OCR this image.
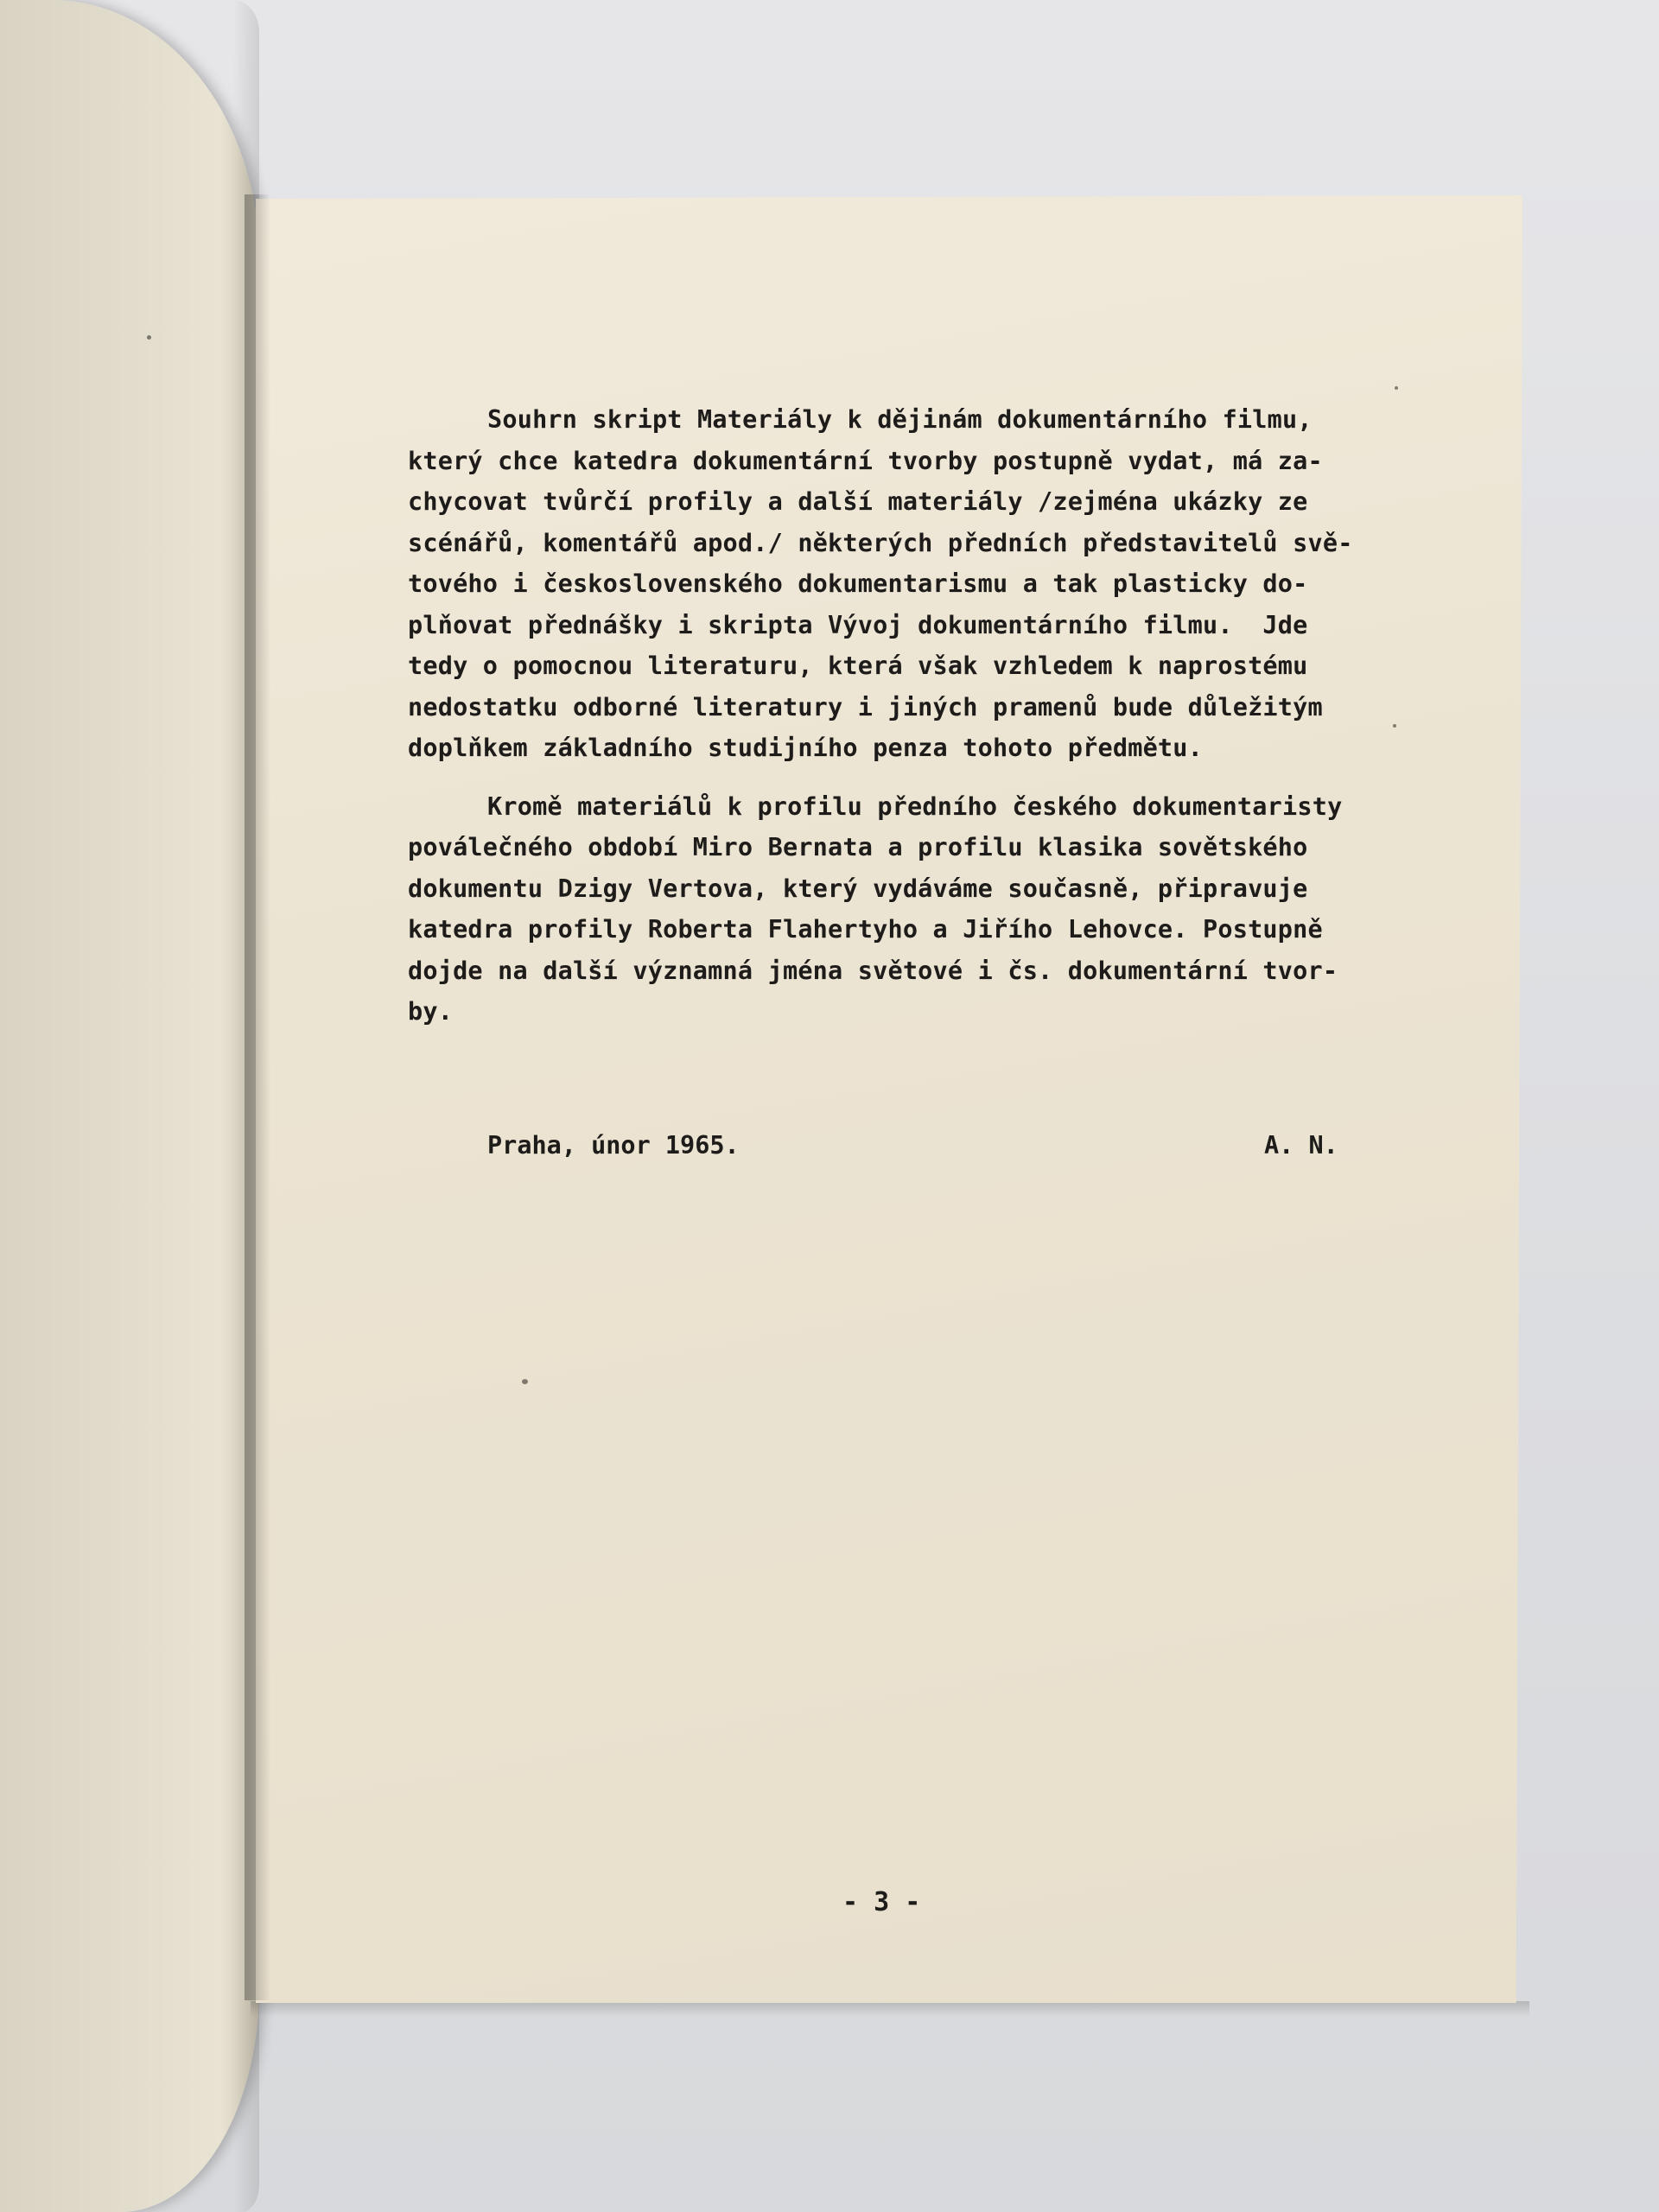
Souhrn skript Materiály k dějinám dokumentárního filmu,
který chce katedra dokumentární tvorby postupně vydat, má za-
chycovat tvůrčí profily a další materiály /zejména ukázky ze
scénářů, komentářů apod./ některých předních představitelů svě-
tového i československého dokumentarismu a tak plasticky do-
plňovat přednášky i skripta Vývoj dokumentárního filmu.  Jde
tedy o pomocnou literaturu, která však vzhledem k naprostému
nedostatku odborné literatury i jiných pramenů bude důležitým
doplňkem základního studijního penza tohoto předmětu.
Kromě materiálů k profilu předního českého dokumentaristy
poválečného období Miro Bernata a profilu klasika sovětského
dokumentu Dzigy Vertova, který vydáváme současně, připravuje
katedra profily Roberta Flahertyho a Jiřího Lehovce. Postupně
dojde na další významná jména světové i čs. dokumentární tvor-
by.
Praha, únor 1965.	A. N.
- 3 -
